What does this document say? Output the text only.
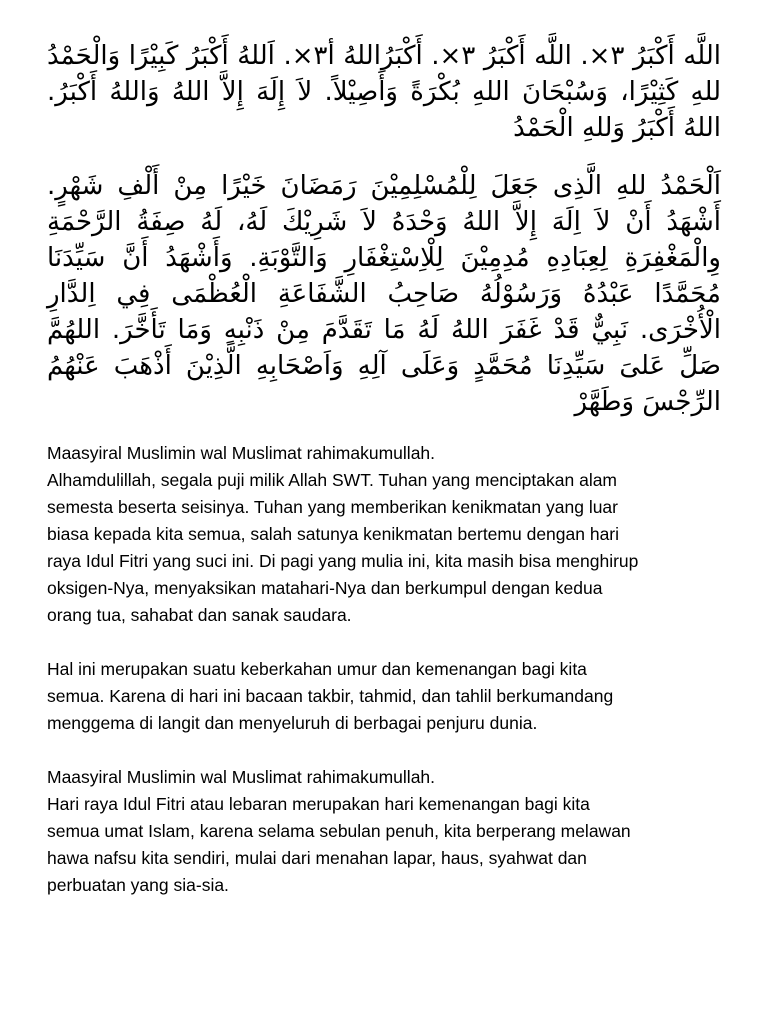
اللَّه أَكْبَرُ ٣×. اللَّه أَكْبَرُ ٣×. أَكْبَرُاللهُ أ٣×. اَللهُ أَكْبَرُ كَبِيْرًا وَالْحَمْدُ للهِ كَثِيْرًا، وَسُبْحَانَ اللهِ بُكْرَةً وَأَصِيْلاً. لاَ إِلَهَ إِلاَّ اللهُ وَاللهُ أَكْبَرُ. اللهُ أَكْبَرُ وَللهِ الْحَمْدُ

اَلْحَمْدُ للهِ الَّذِى جَعَلَ لِلْمُسْلِمِيْنَ رَمَضَانَ خَيْرًا مِنْ أَلْفِ شَهْرٍ. أَشْهَدُ أَنْ لاَ اِلَهَ إِلاَّ اللهُ وَحْدَهُ لاَ شَرِيْكَ لَهُ، لَهُ صِفَةُ الرَّحْمَةِ وِالْمَغْفِرَةِ لِعِبَادِهِ مُدِمِيْنَ لِلْاِسْتِغْفَارِ وَالتَّوْبَةِ. وَأَشْهَدُ أَنَّ سَيِّدَنَا مُحَمَّدًا عَبْدُهُ وَرَسُوْلُهُ صَاحِبُ الشَّفَاعَةِ الْعُظْمَى فِي اِلدَّارِ الْأُخْرَى. نَبِيٌّ قَدْ غَفَرَ اللهُ لَهُ مَا تَقَدَّمَ مِنْ ذَنْبِهِ وَمَا تَأَخَّرَ. اللهُمَّ صَلِّ عَلىَ سَيِّدِنَا مُحَمَّدٍ وَعَلَى آلِهِ وَاَصْحَابِهِ الَّذِيْنَ أَذْهَبَ عَنْهُمُ الرِّجْسَ وَطَهَّرْ

Maasyiral Muslimin wal Muslimat rahimakumullah.
Alhamdulillah, segala puji milik Allah SWT. Tuhan yang menciptakan alam
semesta beserta seisinya. Tuhan yang memberikan kenikmatan yang luar
biasa kepada kita semua, salah satunya kenikmatan bertemu dengan hari
raya Idul Fitri yang suci ini. Di pagi yang mulia ini, kita masih bisa menghirup
oksigen-Nya, menyaksikan matahari-Nya dan berkumpul dengan kedua
orang tua, sahabat dan sanak saudara.
Hal ini merupakan suatu keberkahan umur dan kemenangan bagi kita
semua. Karena di hari ini bacaan takbir, tahmid, dan tahlil berkumandang
menggema di langit dan menyeluruh di berbagai penjuru dunia.
Maasyiral Muslimin wal Muslimat rahimakumullah.
Hari raya Idul Fitri atau lebaran merupakan hari kemenangan bagi kita
semua umat Islam, karena selama sebulan penuh, kita berperang melawan
hawa nafsu kita sendiri, mulai dari menahan lapar, haus, syahwat dan
perbuatan yang sia-sia.
